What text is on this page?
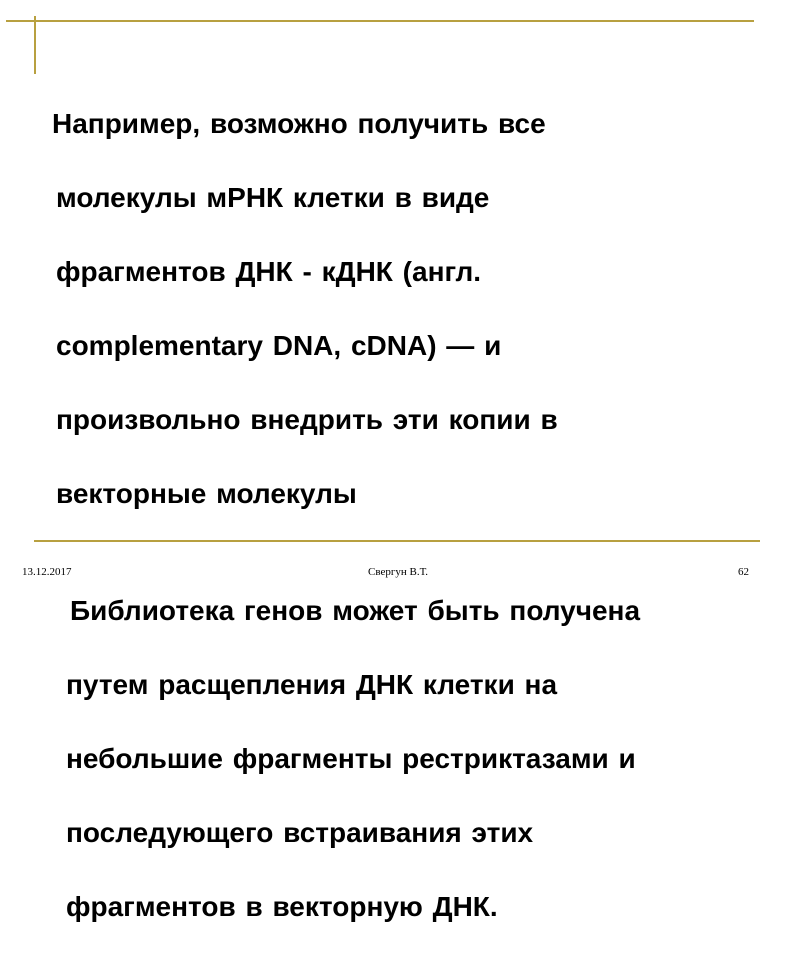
Например, возможно получить все

молекулы мРНК клетки в виде

фрагментов ДНК - кДНК (англ.

complementary DNA, cDNA) — и

произвольно внедрить эти копии в

векторные молекулы

Библиотека генов может быть получена

путем расщепления ДНК клетки на

небольшие фрагменты рестриктазами и

последующего встраивания этих

фрагментов в векторную ДНК.

13.12.2017	Свергун В.Т.	62
